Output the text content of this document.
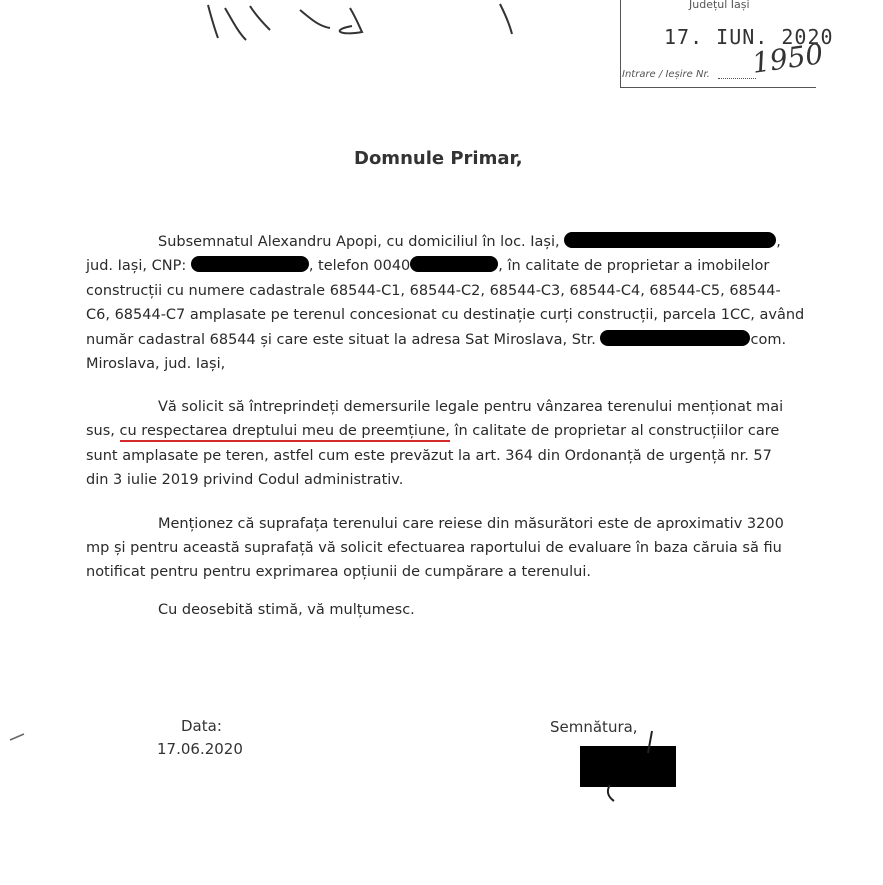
Județul Iași
17. IUN. 2020
Intrare / Ieșire Nr. 1950
Domnule Primar,
Subsemnatul Alexandru Apopi, cu domiciliul în loc. Iași,	,
jud. Iași, CNP:	, telefon 0040	, în calitate de proprietar a imobilelor
construcții cu numere cadastrale 68544-C1, 68544-C2, 68544-C3, 68544-C4, 68544-C5, 68544-
C6, 68544-C7 amplasate pe terenul concesionat cu destinație curți construcții, parcela 1CC, având
număr cadastral 68544 și care este situat la adresa Sat Miroslava, Str.	com.
Miroslava, jud. Iași,
Vă solicit să întreprindeți demersurile legale pentru vânzarea terenului menționat mai
sus, cu respectarea dreptului meu de preemțiune, în calitate de proprietar al construcțiilor care
sunt amplasate pe teren, astfel cum este prevăzut la art. 364 din Ordonanță de urgență nr. 57
din 3 iulie 2019 privind Codul administrativ.
Menționez că suprafața terenului care reiese din măsurători este de aproximativ 3200
mp și pentru această suprafață vă solicit efectuarea raportului de evaluare în baza căruia să fiu
notificat pentru pentru exprimarea opțiunii de cumpărare a terenului.
Cu deosebită stimă, vă mulțumesc.
Data:
17.06.2020
Semnătura,
